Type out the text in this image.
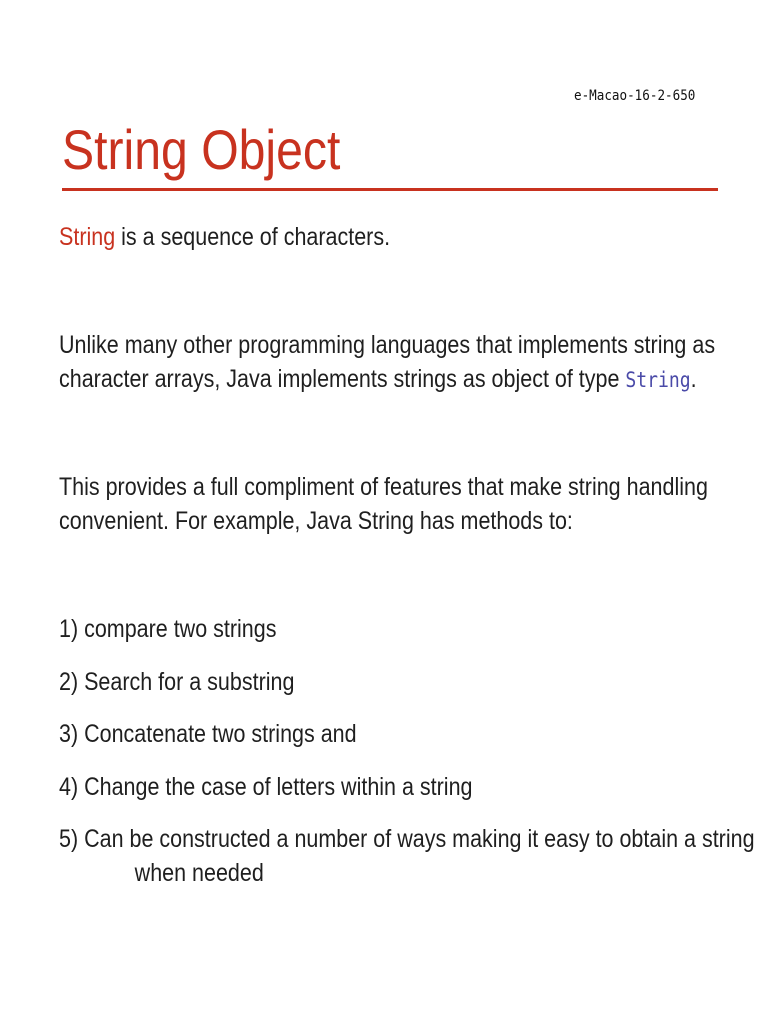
e-Macao-16-2-650
String Object
String is a sequence of characters.
Unlike many other programming languages that implements string as
character arrays, Java implements strings as object of type String.
This provides a full compliment of features that make string handling
convenient. For example, Java String has methods to:
1) compare two strings
2) Search for a substring
3) Concatenate two strings and
4) Change the case of letters within a string
5) Can be constructed a number of ways making it easy to obtain a string
when needed
